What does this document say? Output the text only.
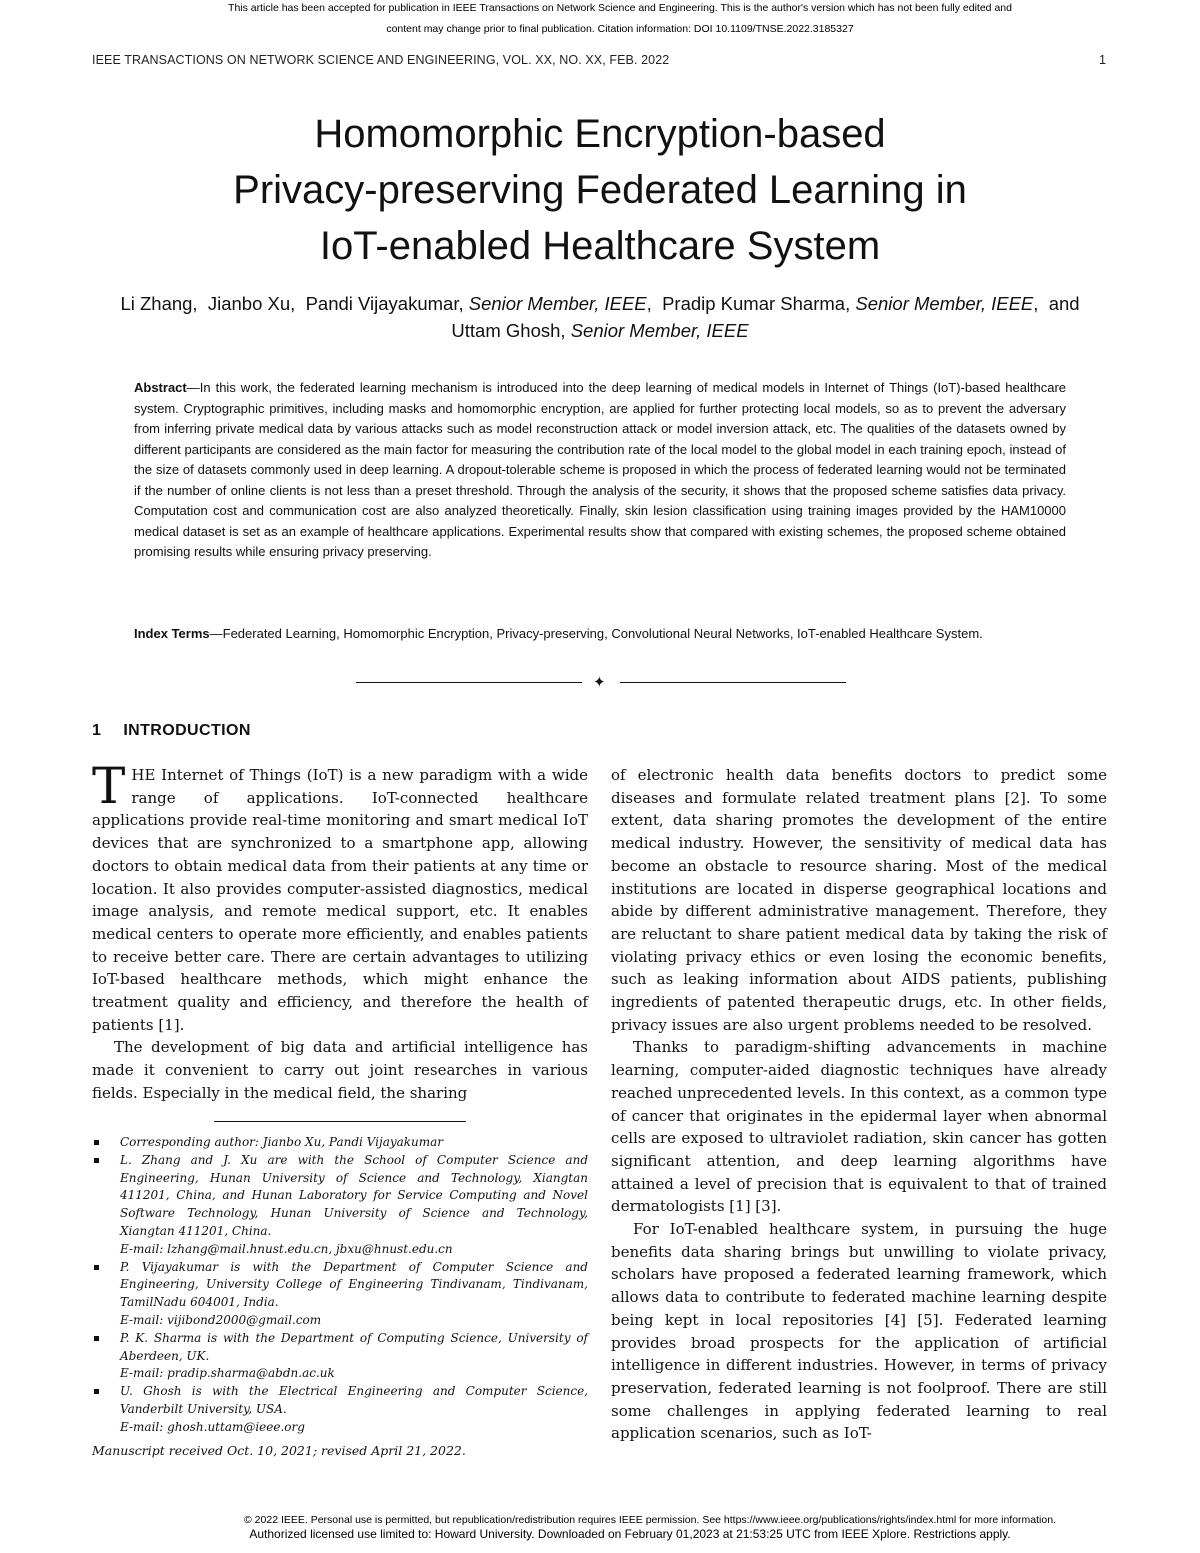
This article has been accepted for publication in IEEE Transactions on Network Science and Engineering. This is the author's version which has not been fully edited and
content may change prior to final publication. Citation information: DOI 10.1109/TNSE.2022.3185327
IEEE TRANSACTIONS ON NETWORK SCIENCE AND ENGINEERING, VOL. XX, NO. XX, FEB. 2022	1
Homomorphic Encryption-based
Privacy-preserving Federated Learning in
IoT-enabled Healthcare System
Li Zhang, Jianbo Xu, Pandi Vijayakumar, Senior Member, IEEE,  Pradip Kumar Sharma, Senior Member, IEEE,  and Uttam Ghosh, Senior Member, IEEE
Abstract—In this work, the federated learning mechanism is introduced into the deep learning of medical models in Internet of Things (IoT)-based healthcare system. Cryptographic primitives, including masks and homomorphic encryption, are applied for further protecting local models, so as to prevent the adversary from inferring private medical data by various attacks such as model reconstruction attack or model inversion attack, etc. The qualities of the datasets owned by different participants are considered as the main factor for measuring the contribution rate of the local model to the global model in each training epoch, instead of the size of datasets commonly used in deep learning. A dropout-tolerable scheme is proposed in which the process of federated learning would not be terminated if the number of online clients is not less than a preset threshold. Through the analysis of the security, it shows that the proposed scheme satisfies data privacy. Computation cost and communication cost are also analyzed theoretically. Finally, skin lesion classification using training images provided by the HAM10000 medical dataset is set as an example of healthcare applications. Experimental results show that compared with existing schemes, the proposed scheme obtained promising results while ensuring privacy preserving.
Index Terms—Federated Learning, Homomorphic Encryption, Privacy-preserving, Convolutional Neural Networks, IoT-enabled Healthcare System.
✦
1 INTRODUCTION

THE Internet of Things (IoT) is a new paradigm with a wide range of applications. IoT-connected healthcare applications provide real-time monitoring and smart medical IoT devices that are synchronized to a smartphone app, allowing doctors to obtain medical data from their patients at any time or location. It also provides computer-assisted diagnostics, medical image analysis, and remote medical support, etc. It enables medical centers to operate more efficiently, and enables patients to receive better care. There are certain advantages to utilizing IoT-based healthcare methods, which might enhance the treatment quality and efficiency, and therefore the health of patients [1].

The development of big data and artificial intelligence has made it convenient to carry out joint researches in various fields. Especially in the medical field, the sharing

Corresponding author: Jianbo Xu, Pandi Vijayakumar
L. Zhang and J. Xu are with the School of Computer Science and Engineering, Hunan University of Science and Technology, Xiangtan 411201, China, and Hunan Laboratory for Service Computing and Novel Software Technology, Hunan University of Science and Technology, Xiangtan 411201, China.
E-mail: lzhang@mail.hnust.edu.cn, jbxu@hnust.edu.cn
P. Vijayakumar is with the Department of Computer Science and Engineering, University College of Engineering Tindivanam, Tindivanam, TamilNadu 604001, India.
E-mail: vijibond2000@gmail.com
P. K. Sharma is with the Department of Computing Science, University of Aberdeen, UK.
E-mail: pradip.sharma@abdn.ac.uk
U. Ghosh is with the Electrical Engineering and Computer Science, Vanderbilt University, USA.
E-mail: ghosh.uttam@ieee.org
Manuscript received Oct. 10, 2021; revised April 21, 2022.

of electronic health data benefits doctors to predict some diseases and formulate related treatment plans [2]. To some extent, data sharing promotes the development of the entire medical industry. However, the sensitivity of medical data has become an obstacle to resource sharing. Most of the medical institutions are located in disperse geographical locations and abide by different administrative management. Therefore, they are reluctant to share patient medical data by taking the risk of violating privacy ethics or even losing the economic benefits, such as leaking information about AIDS patients, publishing ingredients of patented therapeutic drugs, etc. In other fields, privacy issues are also urgent problems needed to be resolved.

Thanks to paradigm-shifting advancements in machine learning, computer-aided diagnostic techniques have already reached unprecedented levels. In this context, as a common type of cancer that originates in the epidermal layer when abnormal cells are exposed to ultraviolet radiation, skin cancer has gotten significant attention, and deep learning algorithms have attained a level of precision that is equivalent to that of trained dermatologists [1] [3].

For IoT-enabled healthcare system, in pursuing the huge benefits data sharing brings but unwilling to violate privacy, scholars have proposed a federated learning framework, which allows data to contribute to federated machine learning despite being kept in local repositories [4] [5]. Federated learning provides broad prospects for the application of artificial intelligence in different industries. However, in terms of privacy preservation, federated learning is not foolproof. There are still some challenges in applying federated learning to real application scenarios, such as IoT-

© 2022 IEEE. Personal use is permitted, but republication/redistribution requires IEEE permission. See https://www.ieee.org/publications/rights/index.html for more information.
Authorized licensed use limited to: Howard University. Downloaded on February 01,2023 at 21:53:25 UTC from IEEE Xplore. Restrictions apply.
